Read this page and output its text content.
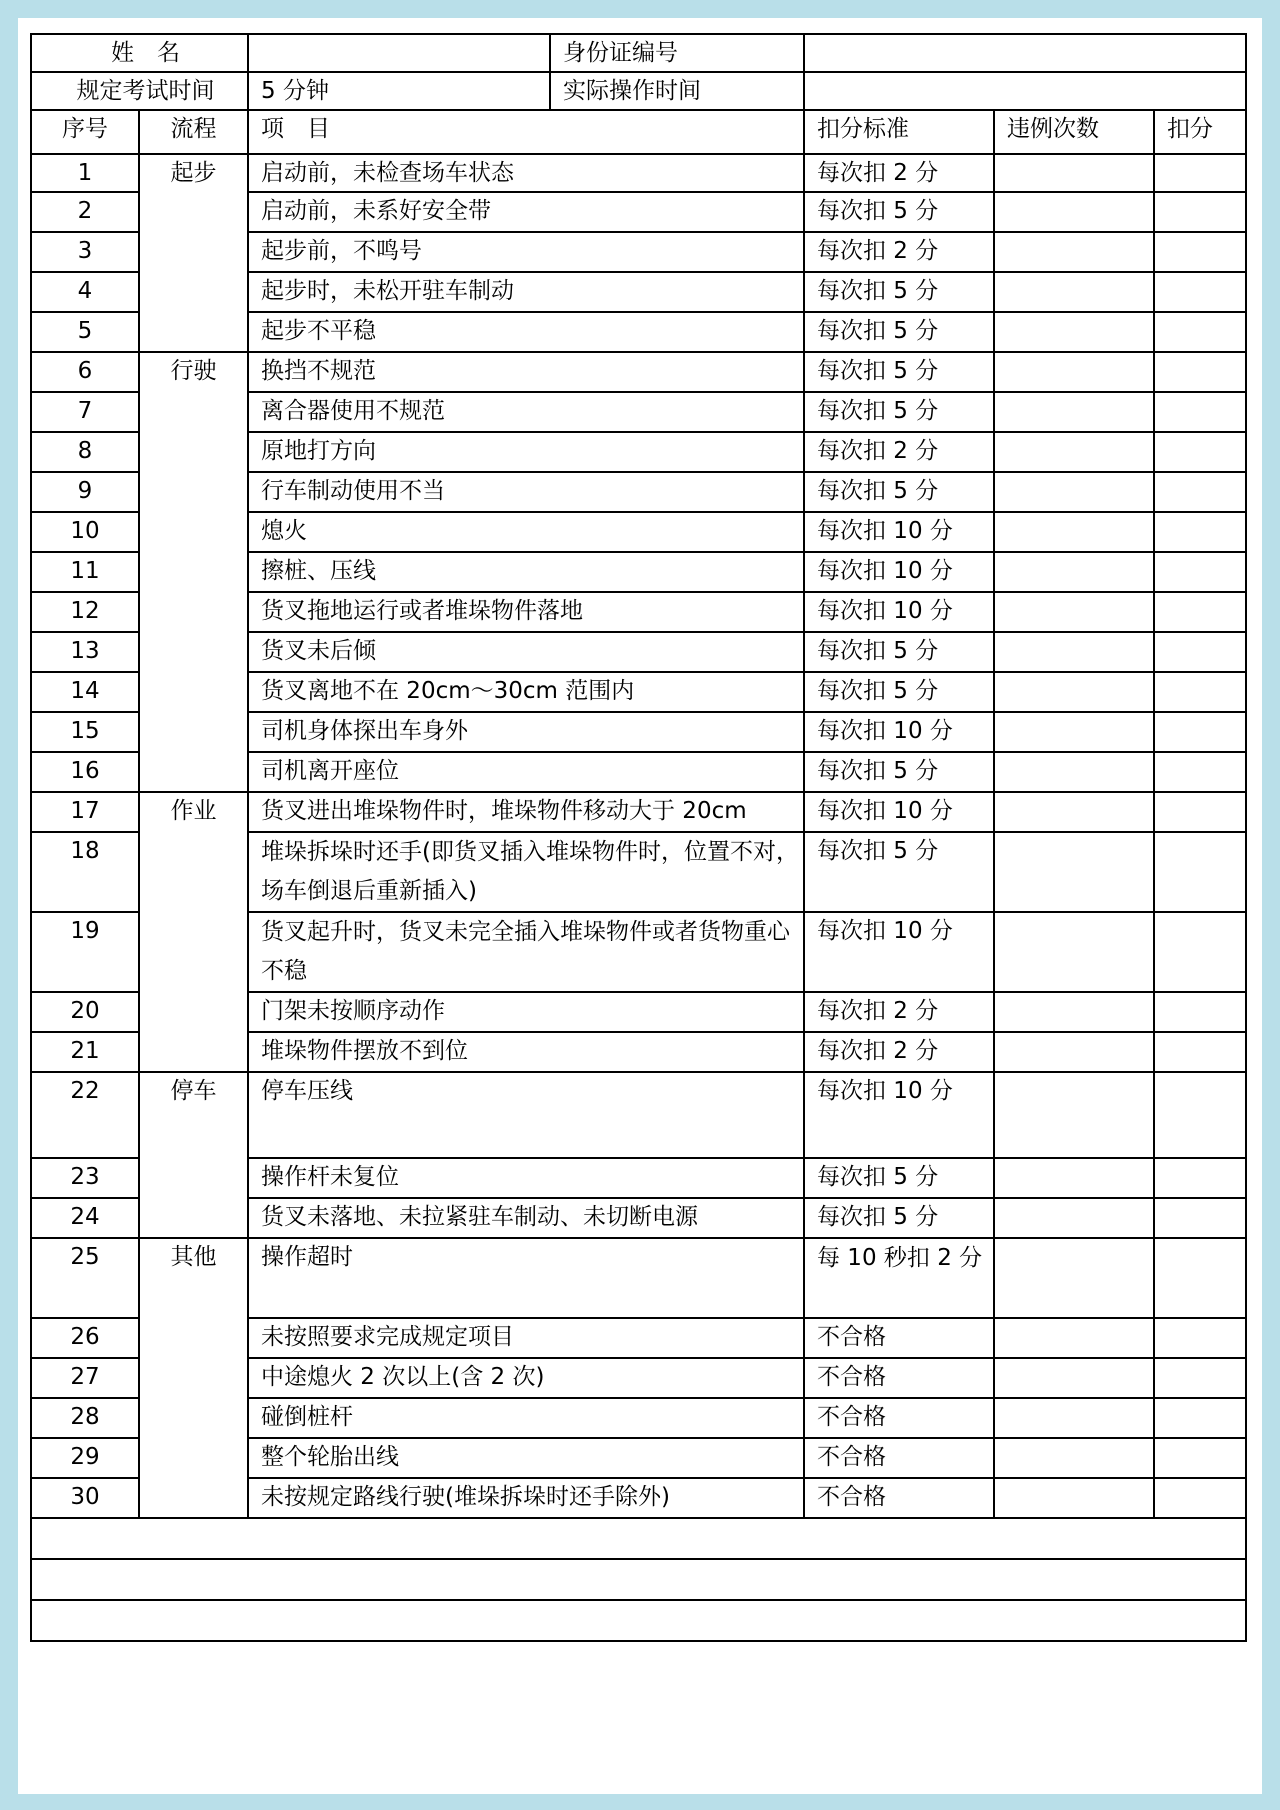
姓　名			身份证编号			
规定考试时间		5 分钟	实际操作时间			
序号	流程	项　目		扣分标准	违例次数	扣分
1	起步	启动前，未检查场车状态		每次扣 2 分		
2		启动前，未系好安全带		每次扣 5 分		
3		起步前，不鸣号		每次扣 2 分		
4		起步时，未松开驻车制动		每次扣 5 分		
5		起步不平稳		每次扣 5 分		
6	行驶	换挡不规范		每次扣 5 分		
7		离合器使用不规范		每次扣 5 分		
8		原地打方向		每次扣 2 分		
9		行车制动使用不当		每次扣 5 分		
10		熄火		每次扣 10 分		
11		擦桩、压线		每次扣 10 分		
12		货叉拖地运行或者堆垛物件落地		每次扣 10 分		
13		货叉未后倾		每次扣 5 分		
14		货叉离地不在 20cm～30cm 范围内		每次扣 5 分		
15		司机身体探出车身外		每次扣 10 分		
16		司机离开座位		每次扣 5 分		
17	作业	货叉进出堆垛物件时，堆垛物件移动大于 20cm		每次扣 10 分		
18		堆垛拆垛时还手(即货叉插入堆垛物件时，位置不对，场车倒退后重新插入)		每次扣 5 分		
19		货叉起升时，货叉未完全插入堆垛物件或者货物重心不稳		每次扣 10 分		
20		门架未按顺序动作		每次扣 2 分		
21		堆垛物件摆放不到位		每次扣 2 分		
22	停车	停车压线		每次扣 10 分		
23		操作杆未复位		每次扣 5 分		
24		货叉未落地、未拉紧驻车制动、未切断电源		每次扣 5 分		
25	其他	操作超时		每 10 秒扣 2 分		
26		未按照要求完成规定项目		不合格		
27		中途熄火 2 次以上(含 2 次)		不合格		
28		碰倒桩杆		不合格		
29		整个轮胎出线		不合格		
30		未按规定路线行驶(堆垛拆垛时还手除外)		不合格		
